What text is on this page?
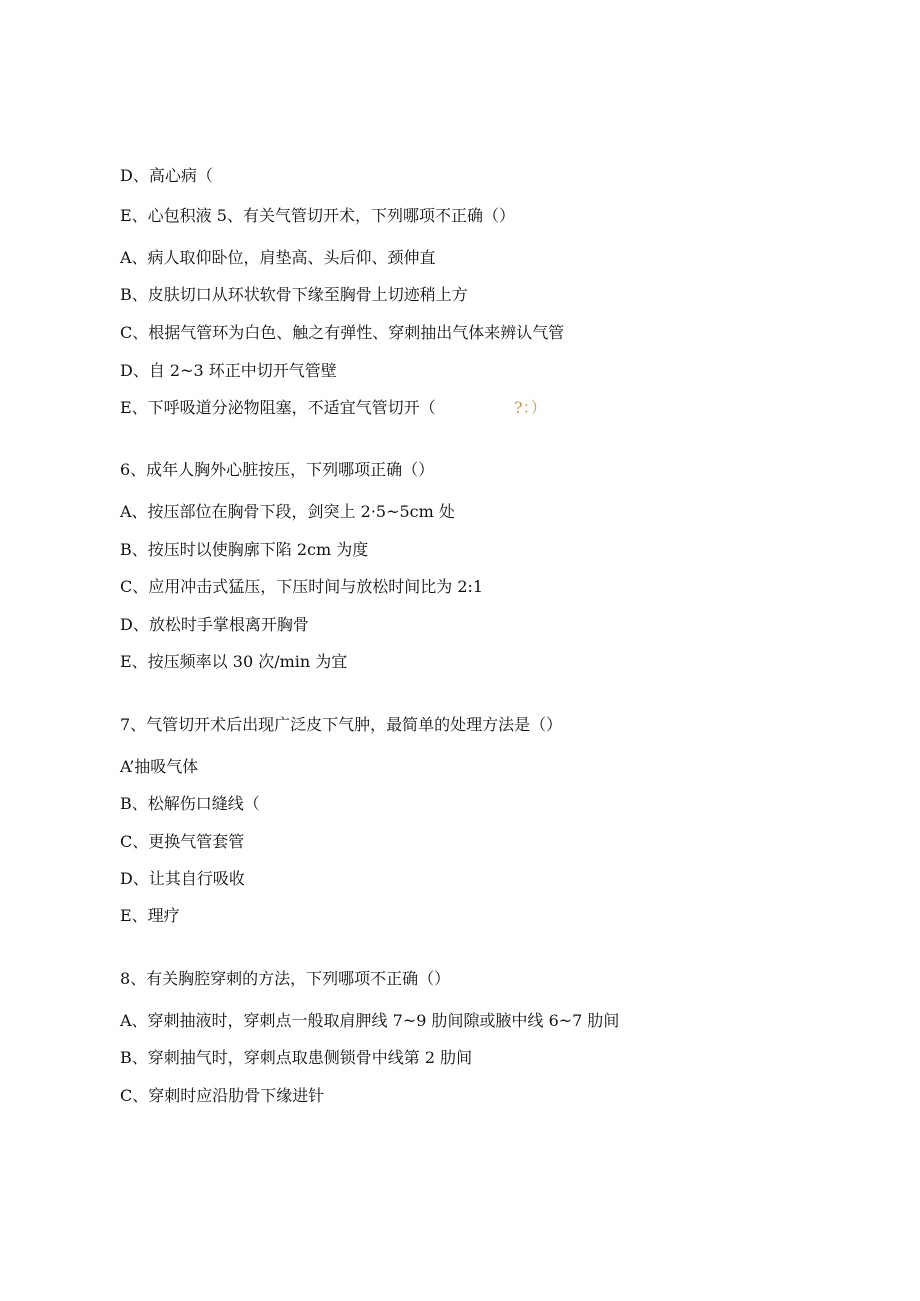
D、高心病（
E、心包积液 5、有关气管切开术，下列哪项不正确（）
A、病人取仰卧位，肩垫高、头后仰、颈伸直
B、皮肤切口从环状软骨下缘至胸骨上切迹稍上方
C、根据气管环为白色、触之有弹性、穿刺抽出气体来辨认气管
D、自 2~3 环正中切开气管壁
E、下呼吸道分泌物阻塞，不适宜气管切开（	?：）
6、成年人胸外心脏按压，下列哪项正确（）
A、按压部位在胸骨下段，剑突上 2·5~5cm 处
B、按压时以使胸廓下陷 2cm 为度
C、应用冲击式猛压，下压时间与放松时间比为 2:1
D、放松时手掌根离开胸骨
E、按压频率以 30 次/min 为宜
7、气管切开术后出现广泛皮下气肿，最简单的处理方法是（）
A’抽吸气体
B、松解伤口缝线（
C、更换气管套管
D、让其自行吸收
E、理疗
8、有关胸腔穿刺的方法，下列哪项不正确（）
A、穿刺抽液时，穿刺点一般取肩胛线 7~9 肋间隙或腋中线 6~7 肋间
B、穿刺抽气时，穿刺点取患侧锁骨中线第 2 肋间
C、穿刺时应沿肋骨下缘进针
